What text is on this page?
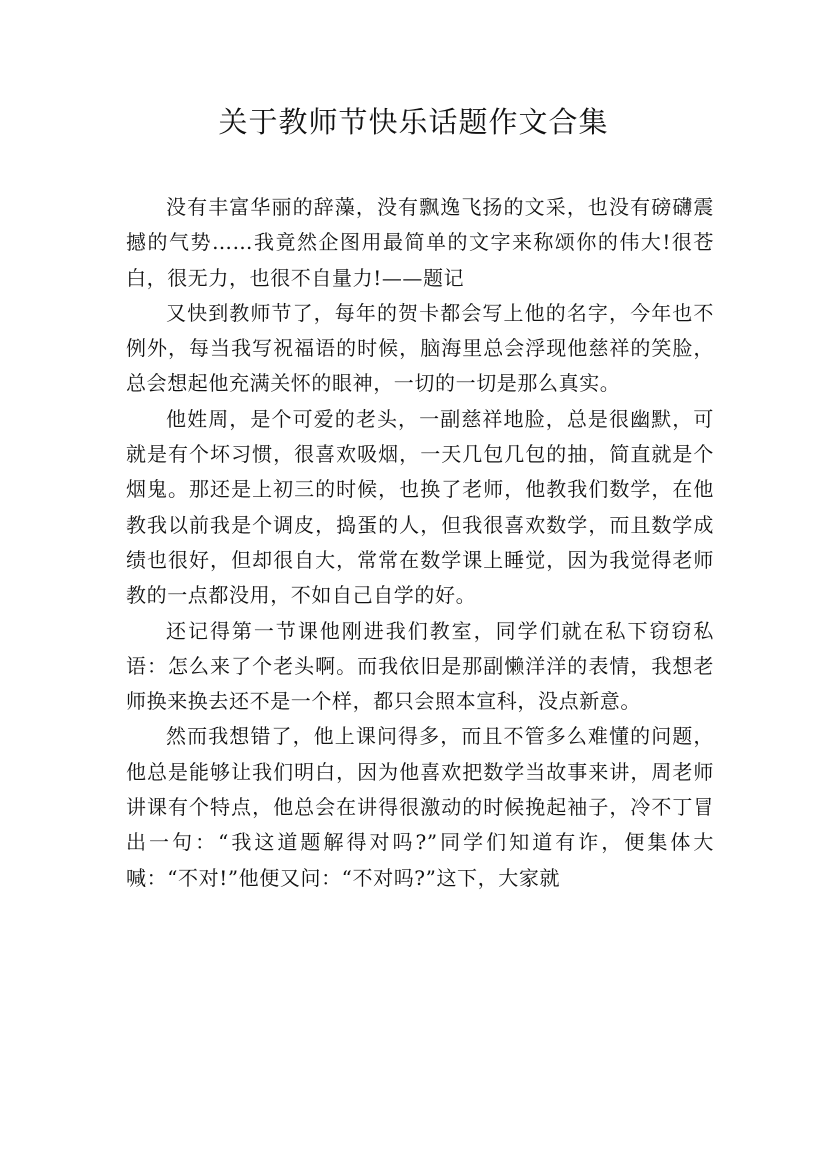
关于教师节快乐话题作文合集

没有丰富华丽的辞藻，没有飘逸飞扬的文采，也没有磅礴震撼的气势……我竟然企图用最简单的文字来称颂你的伟大!很苍白，很无力，也很不自量力!——题记

又快到教师节了，每年的贺卡都会写上他的名字，今年也不例外，每当我写祝福语的时候，脑海里总会浮现他慈祥的笑脸，总会想起他充满关怀的眼神，一切的一切是那么真实。

他姓周，是个可爱的老头，一副慈祥地脸，总是很幽默，可就是有个坏习惯，很喜欢吸烟，一天几包几包的抽，简直就是个烟鬼。那还是上初三的时候，也换了老师，他教我们数学，在他教我以前我是个调皮，捣蛋的人，但我很喜欢数学，而且数学成绩也很好，但却很自大，常常在数学课上睡觉，因为我觉得老师教的一点都没用，不如自己自学的好。

还记得第一节课他刚进我们教室，同学们就在私下窃窃私语：怎么来了个老头啊。而我依旧是那副懒洋洋的表情，我想老师换来换去还不是一个样，都只会照本宣科，没点新意。

然而我想错了，他上课问得多，而且不管多么难懂的问题，他总是能够让我们明白，因为他喜欢把数学当故事来讲，周老师讲课有个特点，他总会在讲得很激动的时候挽起袖子，冷不丁冒出一句：“我这道题解得对吗?”同学们知道有诈，便集体大喊：“不对!”他便又问：“不对吗?”这下，大家就
